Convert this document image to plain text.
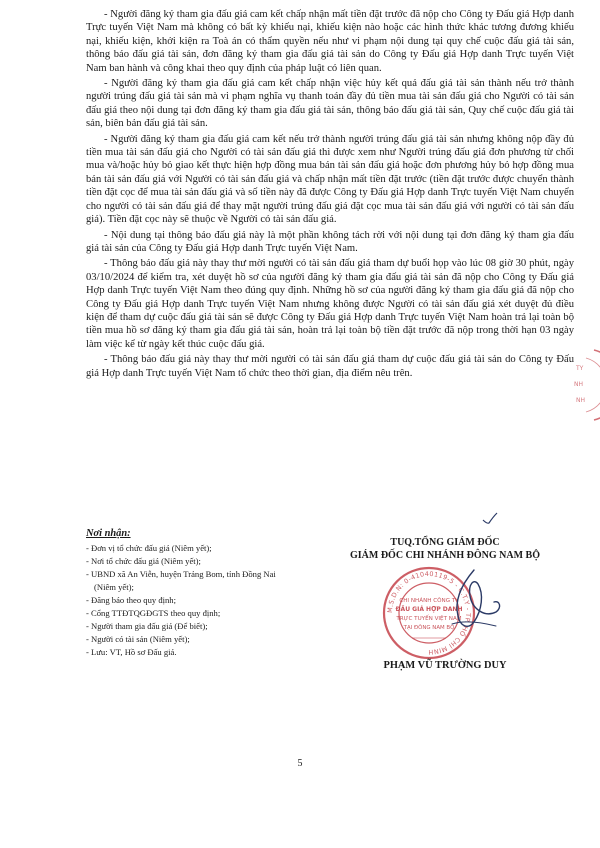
- Người đăng ký tham gia đấu giá cam kết chấp nhận mất tiền đặt trước đã nộp cho Công ty Đấu giá Hợp danh Trực tuyến Việt Nam mà không có bất kỳ khiếu nại, khiếu kiện nào hoặc các hình thức khác tương đương khiếu nại, khiếu kiện, khởi kiện ra Toà án có thẩm quyền nếu như vi phạm nội dung tại quy chế cuộc đấu giá tài sản, thông báo đấu giá tài sản, đơn đăng ký tham gia đấu giá tài sản do Công ty Đấu giá Hợp danh Trực tuyến Việt Nam ban hành và công khai theo quy định của pháp luật có liên quan.

- Người đăng ký tham gia đấu giá cam kết chấp nhận việc hủy kết quả đấu giá tài sản thành nếu trở thành người trúng đấu giá tài sản mà vi phạm nghĩa vụ thanh toán đầy đủ tiền mua tài sản đấu giá cho Người có tài sản đấu giá theo nội dung tại đơn đăng ký tham gia đấu giá tài sản, thông báo đấu giá tài sản, Quy chế cuộc đấu giá tài sản, biên bản đấu giá tài sản.

- Người đăng ký tham gia đấu giá cam kết nếu trở thành người trúng đấu giá tài sản nhưng không nộp đầy đủ tiền mua tài sản đấu giá cho Người có tài sản đấu giá thì được xem như Người trúng đấu giá đơn phương từ chối mua và/hoặc hủy bỏ giao kết thực hiện hợp đồng mua bán tài sản đấu giá hoặc đơn phương hủy bỏ hợp đồng mua bán tài sản đấu giá với Người có tài sản đấu giá và chấp nhận mất tiền đặt trước (tiền đặt trước được chuyển thành tiền đặt cọc để mua tài sản đấu giá và số tiền này đã được Công ty Đấu giá Hợp danh Trực tuyến Việt Nam chuyển cho người có tài sản đấu giá để thay mặt người trúng đấu giá đặt cọc mua tài sản đấu giá với người có tài sản đấu giá). Tiền đặt cọc này sẽ thuộc về Người có tài sản đấu giá.

- Nội dung tại thông báo đấu giá này là một phần không tách rời với nội dung tại đơn đăng ký tham gia đấu giá tài sản của Công ty Đấu giá Hợp danh Trực tuyến Việt Nam.

- Thông báo đấu giá này thay thư mời người có tài sản đấu giá tham dự buổi họp vào lúc 08 giờ 30 phút, ngày 03/10/2024 để kiểm tra, xét duyệt hồ sơ của người đăng ký tham gia đấu giá tài sản đã nộp cho Công ty Đấu giá Hợp danh Trực tuyến Việt Nam theo đúng quy định. Những hồ sơ của người đăng ký tham gia đấu giá đã nộp cho Công ty Đấu giá Hợp danh Trực tuyến Việt Nam nhưng không được Người có tài sản đấu giá xét duyệt đủ điều kiện để tham dự cuộc đấu giá tài sản sẽ được Công ty Đấu giá Hợp danh Trực tuyến Việt Nam hoàn trả lại toàn bộ tiền mua hồ sơ đăng ký tham gia đấu giá tài sản, hoàn trả lại toàn bộ tiền đặt trước đã nộp trong thời hạn 03 ngày làm việc kể từ ngày kết thúc cuộc đấu giá.

- Thông báo đấu giá này thay thư mời người có tài sản đấu giá tham dự cuộc đấu giá tài sản do Công ty Đấu giá Hợp danh Trực tuyến Việt Nam tổ chức theo thời gian, địa điểm nêu trên.	TY
NH
NH
Nơi nhận:
- Đơn vị tổ chức đấu giá (Niêm yết);
- Nơi tổ chức đấu giá (Niêm yết);
- UBND xã An Viễn, huyện Trảng Bom, tỉnh Đồng Nai (Niêm yết);
- Đăng báo theo quy định;
- Cổng TTĐTQGĐGTS theo quy định;
- Người tham gia đấu giá (Để biết);
- Người có tài sản (Niêm yết);
- Lưu: VT, Hồ sơ Đấu giá.
TUQ.TỔNG GIÁM ĐỐC
GIÁM ĐỐC CHI NHÁNH ĐÔNG NAM BỘ
M.S.D.N: 0-41040119-5 - C.T.Y - TP. HỒ CHÍ MINH
CHI NHÁNH CÔNG TY
ĐẤU GIÁ HỢP DANH
TRỰC TUYẾN VIỆT NAM
TẠI ĐÔNG NAM BỘ
PHẠM VŨ TRƯỜNG DUY
5
